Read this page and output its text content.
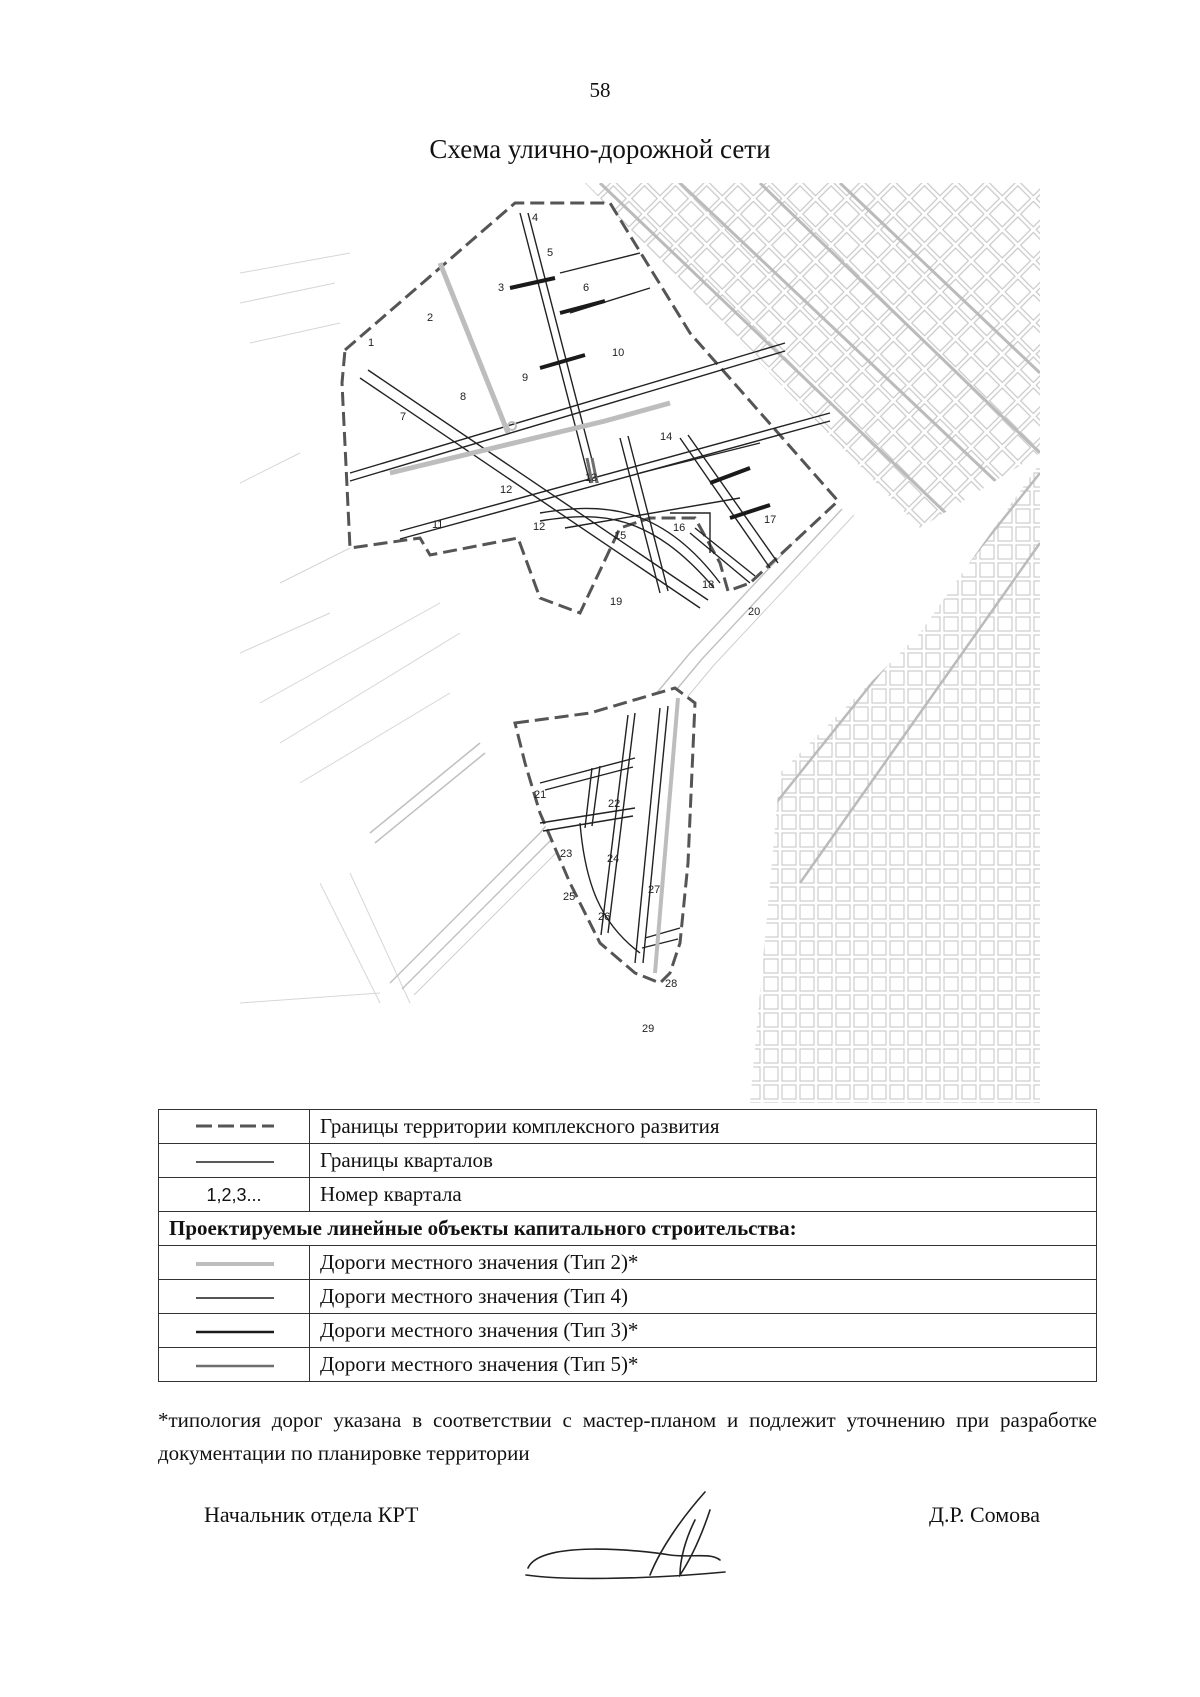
58
Схема улично-дорожной сети
1
2
3
4
5
6
7
8
9
10
11
12
12
13
14
15
16
17
18
19
20
21
22
23	24
25
26
27
28
29
	Границы территории комплексного развития
	Границы кварталов
1,2,3...	Номер квартала
Проектируемые линейные объекты капитального строительства:	
	Дороги местного значения (Тип 2)*
	Дороги местного значения (Тип 4)
	Дороги местного значения (Тип 3)*
	Дороги местного значения (Тип 5)*
*типология дорог указана в соответствии с мастер-планом и подлежит уточнению при разработке документации по планировке территории
Начальник отдела КРТ	Д.Р. Сомова
